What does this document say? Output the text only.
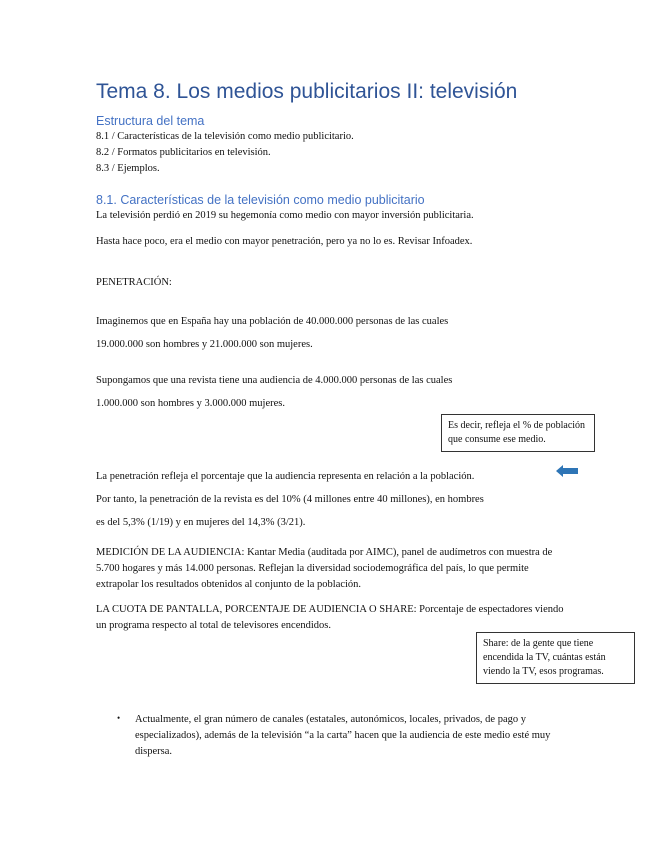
Tema 8. Los medios publicitarios II: televisión
Estructura del tema
8.1 / Características de la televisión como medio publicitario.
8.2 / Formatos publicitarios en televisión.
8.3 / Ejemplos.
8.1. Características de la televisión como medio publicitario
La televisión perdió en 2019 su hegemonía como medio con mayor inversión publicitaria.
Hasta hace poco, era el medio con mayor penetración, pero ya no lo es. Revisar Infoadex.
PENETRACIÓN:
Imaginemos que en España hay una población de 40.000.000 personas de las cuales
19.000.000 son hombres y 21.000.000 son mujeres.
Supongamos que una revista tiene una audiencia de 4.000.000 personas de las cuales
1.000.000 son hombres y 3.000.000 mujeres.
Es decir, refleja el % de población que consume ese medio.
La penetración refleja el porcentaje que la audiencia representa en relación a la población.
Por tanto, la penetración de la revista es del 10% (4 millones entre 40 millones), en hombres
es del 5,3% (1/19) y en mujeres del 14,3% (3/21).
MEDICIÓN DE LA AUDIENCIA: Kantar Media (auditada por AIMC), panel de audímetros con muestra de 5.700 hogares y más 14.000 personas. Reflejan la diversidad sociodemográfica del país, lo que permite extrapolar los resultados obtenidos al conjunto de la población.
LA CUOTA DE PANTALLA, PORCENTAJE DE AUDIENCIA O SHARE: Porcentaje de espectadores viendo un programa respecto al total de televisores encendidos.
Share: de la gente que tiene encendida la TV, cuántas están viendo la TV, esos programas.
• Actualmente, el gran número de canales (estatales, autonómicos, locales, privados, de pago y especializados), además de la televisión “a la carta” hacen que la audiencia de este medio esté muy dispersa.
